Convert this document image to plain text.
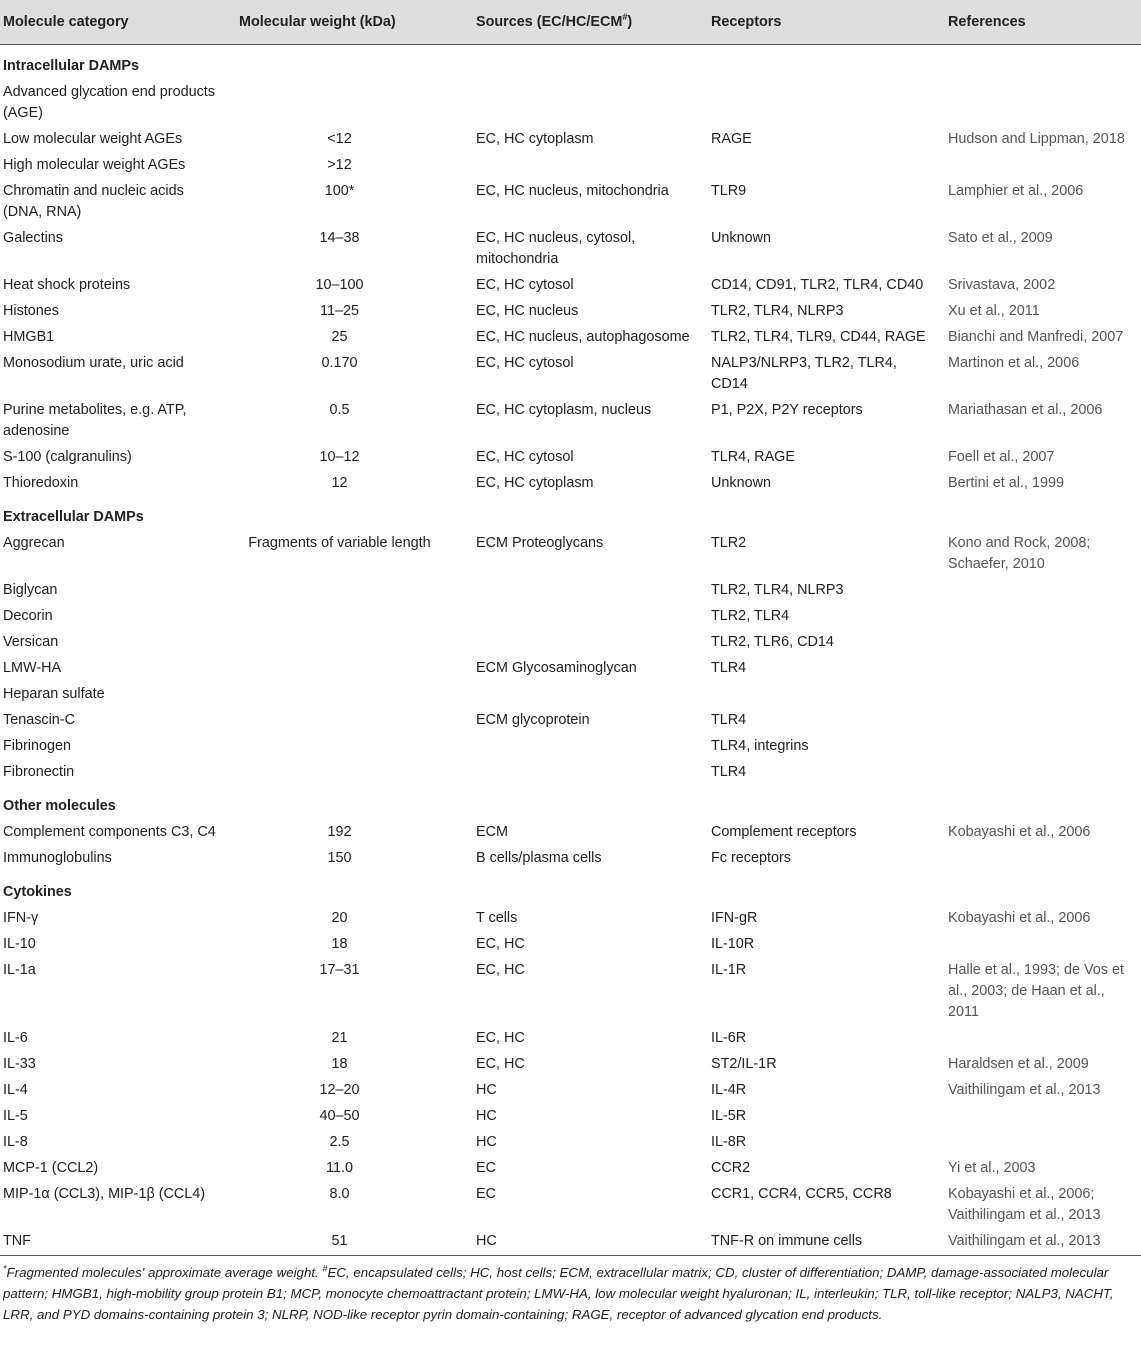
Molecule category	Molecular weight (kDa)	Sources (EC/HC/ECM#)	Receptors	References
Intracellular DAMPs				
Advanced glycation end products (AGE)				
Low molecular weight AGEs	<12	EC, HC cytoplasm	RAGE	Hudson and Lippman, 2018
High molecular weight AGEs	>12			
Chromatin and nucleic acids (DNA, RNA)	100*	EC, HC nucleus, mitochondria	TLR9	Lamphier et al., 2006
Galectins	14–38	EC, HC nucleus, cytosol, mitochondria	Unknown	Sato et al., 2009
Heat shock proteins	10–100	EC, HC cytosol	CD14, CD91, TLR2, TLR4, CD40	Srivastava, 2002
Histones	11–25	EC, HC nucleus	TLR2, TLR4, NLRP3	Xu et al., 2011
HMGB1	25	EC, HC nucleus, autophagosome	TLR2, TLR4, TLR9, CD44, RAGE	Bianchi and Manfredi, 2007
Monosodium urate, uric acid	0.170	EC, HC cytosol	NALP3/NLRP3, TLR2, TLR4, CD14	Martinon et al., 2006
Purine metabolites, e.g. ATP, adenosine	0.5	EC, HC cytoplasm, nucleus	P1, P2X, P2Y receptors	Mariathasan et al., 2006
S-100 (calgranulins)	10–12	EC, HC cytosol	TLR4, RAGE	Foell et al., 2007
Thioredoxin	12	EC, HC cytoplasm	Unknown	Bertini et al., 1999
Extracellular DAMPs				
Aggrecan	Fragments of variable length	ECM Proteoglycans	TLR2	Kono and Rock, 2008; Schaefer, 2010
Biglycan			TLR2, TLR4, NLRP3	
Decorin			TLR2, TLR4	
Versican			TLR2, TLR6, CD14	
LMW-HA		ECM Glycosaminoglycan	TLR4	
Heparan sulfate				
Tenascin-C		ECM glycoprotein	TLR4	
Fibrinogen			TLR4, integrins	
Fibronectin			TLR4	
Other molecules				
Complement components C3, C4	192	ECM	Complement receptors	Kobayashi et al., 2006
Immunoglobulins	150	B cells/plasma cells	Fc receptors	
Cytokines				
IFN-γ	20	T cells	IFN-gR	Kobayashi et al., 2006
IL-10	18	EC, HC	IL-10R	
IL-1a	17–31	EC, HC	IL-1R	Halle et al., 1993; de Vos et al., 2003; de Haan et al., 2011
IL-6	21	EC, HC	IL-6R	
IL-33	18	EC, HC	ST2/IL-1R	Haraldsen et al., 2009
IL-4	12–20	HC	IL-4R	Vaithilingam et al., 2013
IL-5	40–50	HC	IL-5R	
IL-8	2.5	HC	IL-8R	
MCP-1 (CCL2)	11.0	EC	CCR2	Yi et al., 2003
MIP-1α (CCL3), MIP-1β (CCL4)	8.0	EC	CCR1, CCR4, CCR5, CCR8	Kobayashi et al., 2006; Vaithilingam et al., 2013
TNF	51	HC	TNF-R on immune cells	Vaithilingam et al., 2013
*Fragmented molecules' approximate average weight. #EC, encapsulated cells; HC, host cells; ECM, extracellular matrix; CD, cluster of differentiation; DAMP, damage-associated molecular pattern; HMGB1, high-mobility group protein B1; MCP, monocyte chemoattractant protein; LMW-HA, low molecular weight hyaluronan; IL, interleukin; TLR, toll-like receptor; NALP3, NACHT, LRR, and PYD domains-containing protein 3; NLRP, NOD-like receptor pyrin domain-containing; RAGE, receptor of advanced glycation end products.
